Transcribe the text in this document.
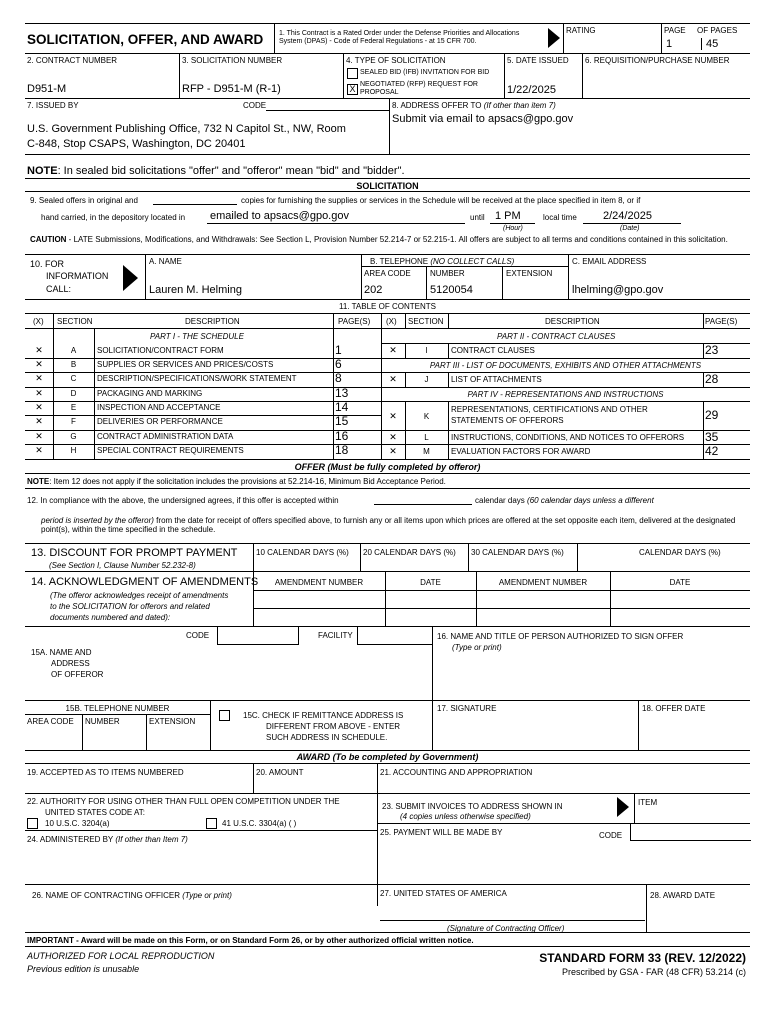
SOLICITATION, OFFER, AND AWARD 1. This Contract is a Rated Order under the Defense Priorities and Allocations System (DPAS) - Code of Federal Regulations - at 15 CFR 700.
RATING	PAGE OF PAGES
1	45
2. CONTRACT NUMBER
D951-M
3. SOLICITATION NUMBER
RFP - D951-M (R-1)
4. TYPE OF SOLICITATION
SEALED BID (IFB) INVITATION FOR BID
X NEGOTIATED (RFP) REQUEST FOR PROPOSAL
5. DATE ISSUED
1/22/2025
6. REQUISITION/PURCHASE NUMBER
7. ISSUED BY	CODE
U.S. Government Publishing Office, 732 N Capitol St., NW, Room
C-848, Stop CSAPS, Washington, DC 20401
8. ADDRESS OFFER TO (If other than item 7)
Submit via email to apsacs@gpo.gov
NOTE: In sealed bid solicitations "offer" and "offeror" mean "bid" and "bidder".
SOLICITATION
9. Sealed offers in original and	copies for furnishing the supplies or services in the Schedule will be received at the place specified in item 8, or if
hand carried, in the depository located in emailed to apsacs@gpo.gov	until 1 PM
(Hour)
local time 2/24/2025
(Date)
CAUTION - LATE Submissions, Modifications, and Withdrawals: See Section L, Provision Number 52.214-7 or 52.215-1. All offers are subject to all terms and conditions contained in this solicitation.
10. FOR
INFORMATION
CALL:
A. NAME
Lauren M. Helming
B. TELEPHONE (NO COLLECT CALLS)
AREA CODE NUMBER	EXTENSION
202	5120054
C. EMAIL ADDRESS
lhelming@gpo.gov
11. TABLE OF CONTENTS
(X) SECTION	DESCRIPTION	PAGE(S) (X) SECTION	DESCRIPTION	PAGE(S)
PART I - THE SCHEDULE	PART II - CONTRACT CLAUSES
✕	A	SOLICITATION/CONTRACT FORM	1
✕	B	SUPPLIES OR SERVICES AND PRICES/COSTS	6
✕	C	DESCRIPTION/SPECIFICATIONS/WORK STATEMENT	8
✕	D	PACKAGING AND MARKING	13
✕	E	INSPECTION AND ACCEPTANCE	14
✕	F	DELIVERIES OR PERFORMANCE	15
✕	G	CONTRACT ADMINISTRATION DATA	16
✕	H	SPECIAL CONTRACT REQUIREMENTS	18
✕	I	CONTRACT CLAUSES	23
PART III - LIST OF DOCUMENTS, EXHIBITS AND OTHER ATTACHMENTS
✕	J	LIST OF ATTACHMENTS	28
PART IV - REPRESENTATIONS AND INSTRUCTIONS
✕	K
REPRESENTATIONS, CERTIFICATIONS AND OTHER
STATEMENTS OF OFFERORS	29
✕	L	INSTRUCTIONS, CONDITIONS, AND NOTICES TO OFFERORS 35
✕	M	EVALUATION FACTORS FOR AWARD	42
OFFER (Must be fully completed by offeror)
NOTE: Item 12 does not apply if the solicitation includes the provisions at 52.214-16, Minimum Bid Acceptance Period.
12. In compliance with the above, the undersigned agrees, if this offer is accepted within	calendar days (60 calendar days unless a different
period is inserted by the offeror) from the date for receipt of offers specified above, to furnish any or all items upon which prices are offered at the set opposite each item, delivered at the designated point(s), within the time specified in the schedule.
13. DISCOUNT FOR PROMPT PAYMENT
(See Section I, Clause Number 52.232-8)
10 CALENDAR DAYS (%) 20 CALENDAR DAYS (%) 30 CALENDAR DAYS (%)	CALENDAR DAYS (%)
14. ACKNOWLEDGMENT OF AMENDMENTS
(The offeror acknowledges receipt of amendments
to the SOLICITATION for offerors and related
documents numbered and dated):
AMENDMENT NUMBER	DATE	AMENDMENT NUMBER	DATE
CODE	FACILITY
15A. NAME AND
ADDRESS
OF OFFEROR
16. NAME AND TITLE OF PERSON AUTHORIZED TO SIGN OFFER
(Type or print)
15B. TELEPHONE NUMBER
AREA CODE NUMBER	EXTENSION
15C. CHECK IF REMITTANCE ADDRESS IS
DIFFERENT FROM ABOVE - ENTER
SUCH ADDRESS IN SCHEDULE.
17. SIGNATURE	18. OFFER DATE
AWARD (To be completed by Government)
19. ACCEPTED AS TO ITEMS NUMBERED	20. AMOUNT	21. ACCOUNTING AND APPROPRIATION
22. AUTHORITY FOR USING OTHER THAN FULL OPEN COMPETITION UNDER THE
UNITED STATES CODE AT:
10 U.S.C. 3204(a)	41 U.S.C. 3304(a) ( )
23. SUBMIT INVOICES TO ADDRESS SHOWN IN
(4 copies unless otherwise specified)
ITEM
24. ADMINISTERED BY (If other than Item 7)
25. PAYMENT WILL BE MADE BY	CODE
26. NAME OF CONTRACTING OFFICER (Type or print)	27. UNITED STATES OF AMERICA
(Signature of Contracting Officer)
28. AWARD DATE
IMPORTANT - Award will be made on this Form, or on Standard Form 26, or by other authorized official written notice.
AUTHORIZED FOR LOCAL REPRODUCTION
Previous edition is unusable
STANDARD FORM 33 (REV. 12/2022)
Prescribed by GSA - FAR (48 CFR) 53.214 (c)
